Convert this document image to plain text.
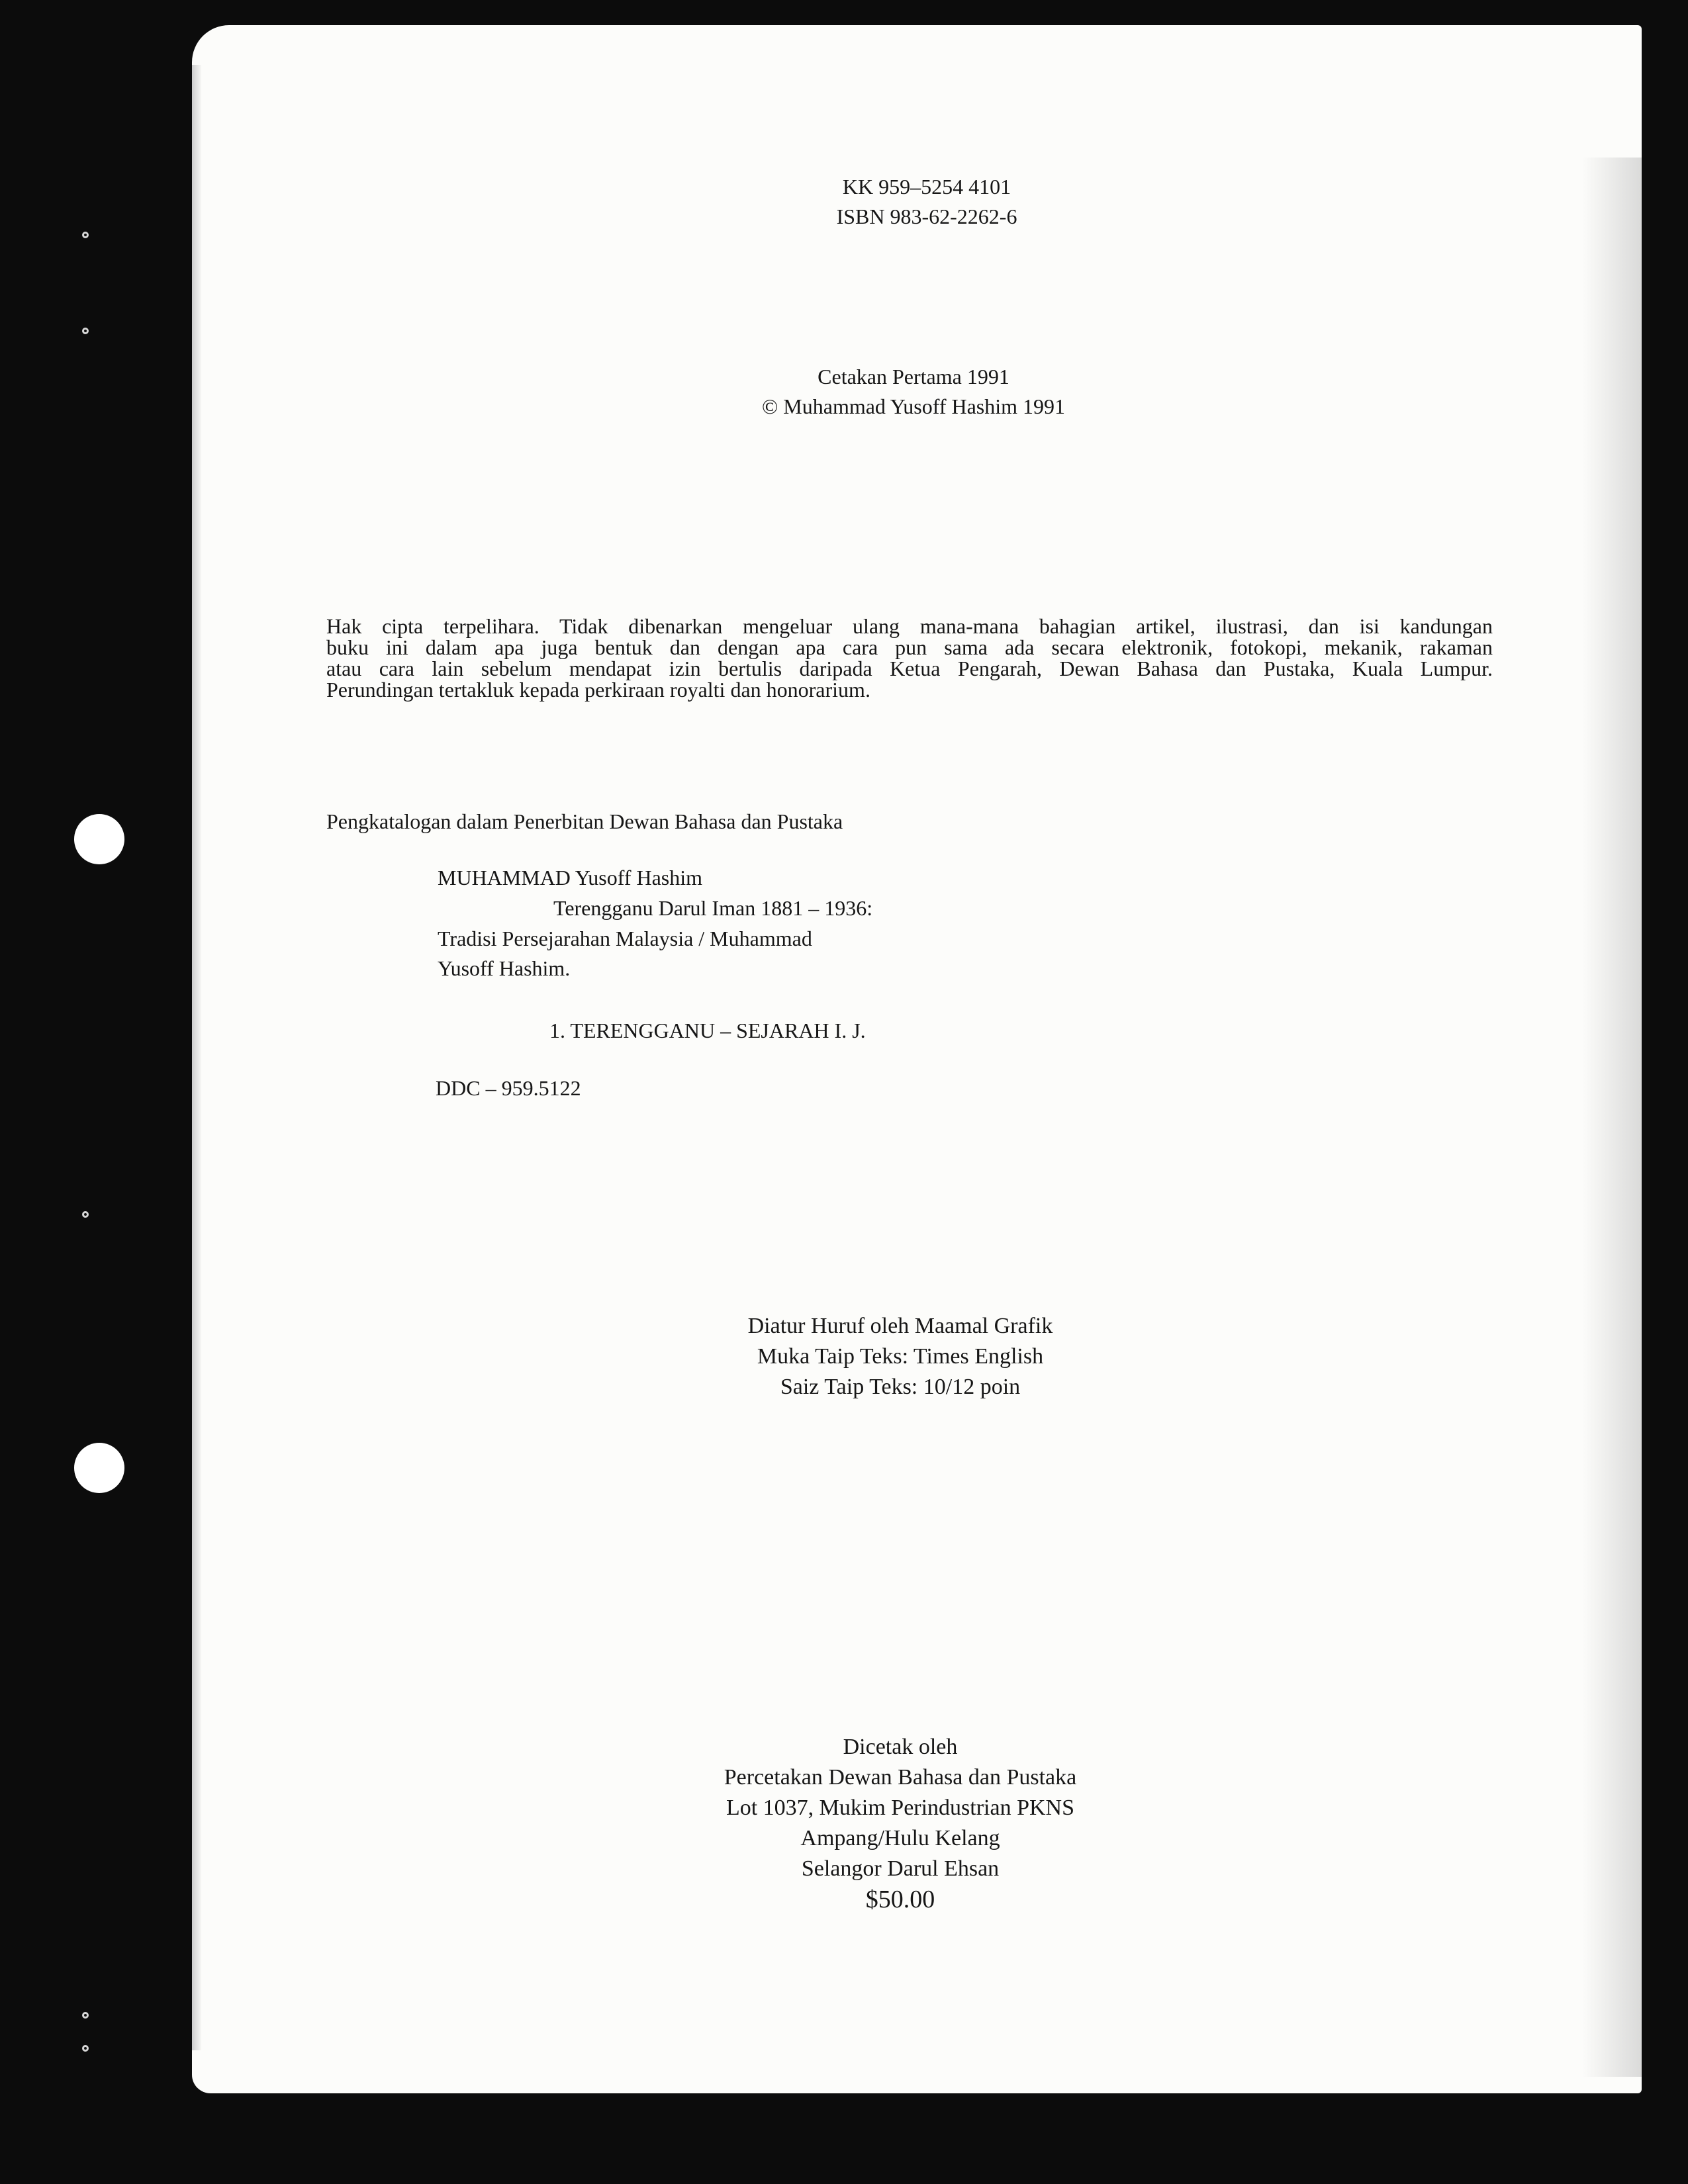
KK 959–5254 4101
ISBN 983-62-2262-6
Cetakan Pertama 1991
© Muhammad Yusoff Hashim 1991
Hak cipta terpelihara. Tidak dibenarkan mengeluar ulang mana-mana bahagian artikel, ilustrasi, dan isi kandungan
buku ini dalam apa juga bentuk dan dengan apa cara pun sama ada secara elektronik, fotokopi, mekanik, rakaman
atau cara lain sebelum mendapat izin bertulis daripada Ketua Pengarah, Dewan Bahasa dan Pustaka, Kuala Lumpur.
Perundingan tertakluk kepada perkiraan royalti dan honorarium.
Pengkatalogan dalam Penerbitan Dewan Bahasa dan Pustaka
MUHAMMAD Yusoff Hashim
Terengganu Darul Iman 1881 – 1936:
Tradisi Persejarahan Malaysia / Muhammad
Yusoff Hashim.
1. TERENGGANU – SEJARAH I. J.
DDC – 959.5122
Diatur Huruf oleh Maamal Grafik
Muka Taip Teks: Times English
Saiz Taip Teks: 10/12 poin
Dicetak oleh
Percetakan Dewan Bahasa dan Pustaka
Lot 1037, Mukim Perindustrian PKNS
Ampang/Hulu Kelang
Selangor Darul Ehsan
$50.00
